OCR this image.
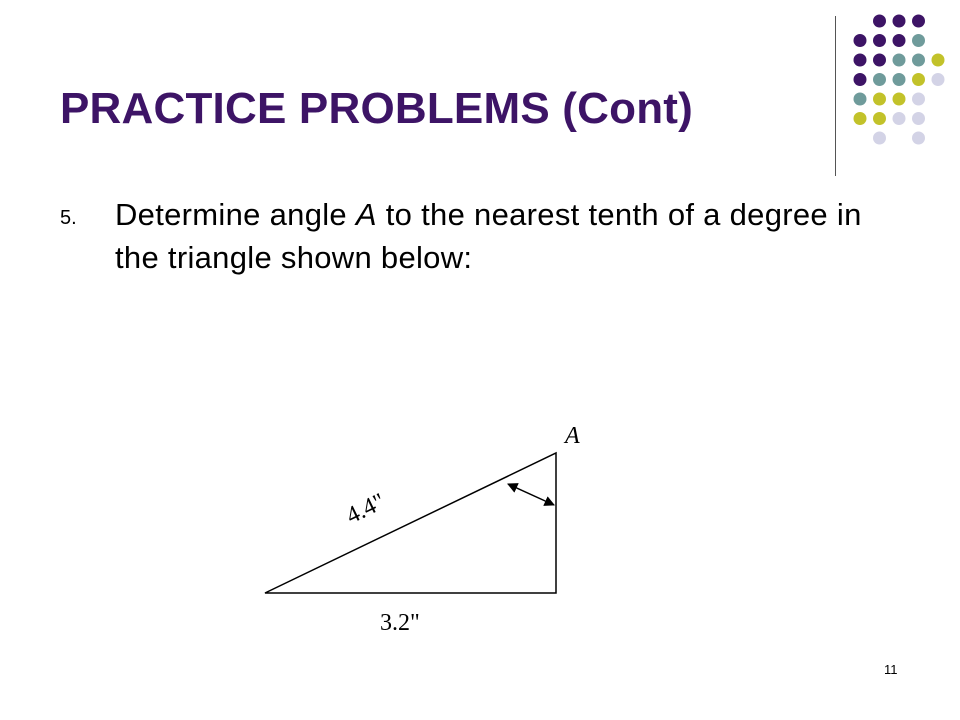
PRACTICE PROBLEMS (Cont)
5. Determine angle A to the nearest tenth of a degree in the triangle shown below:
A
4.4"
3.2"
11
